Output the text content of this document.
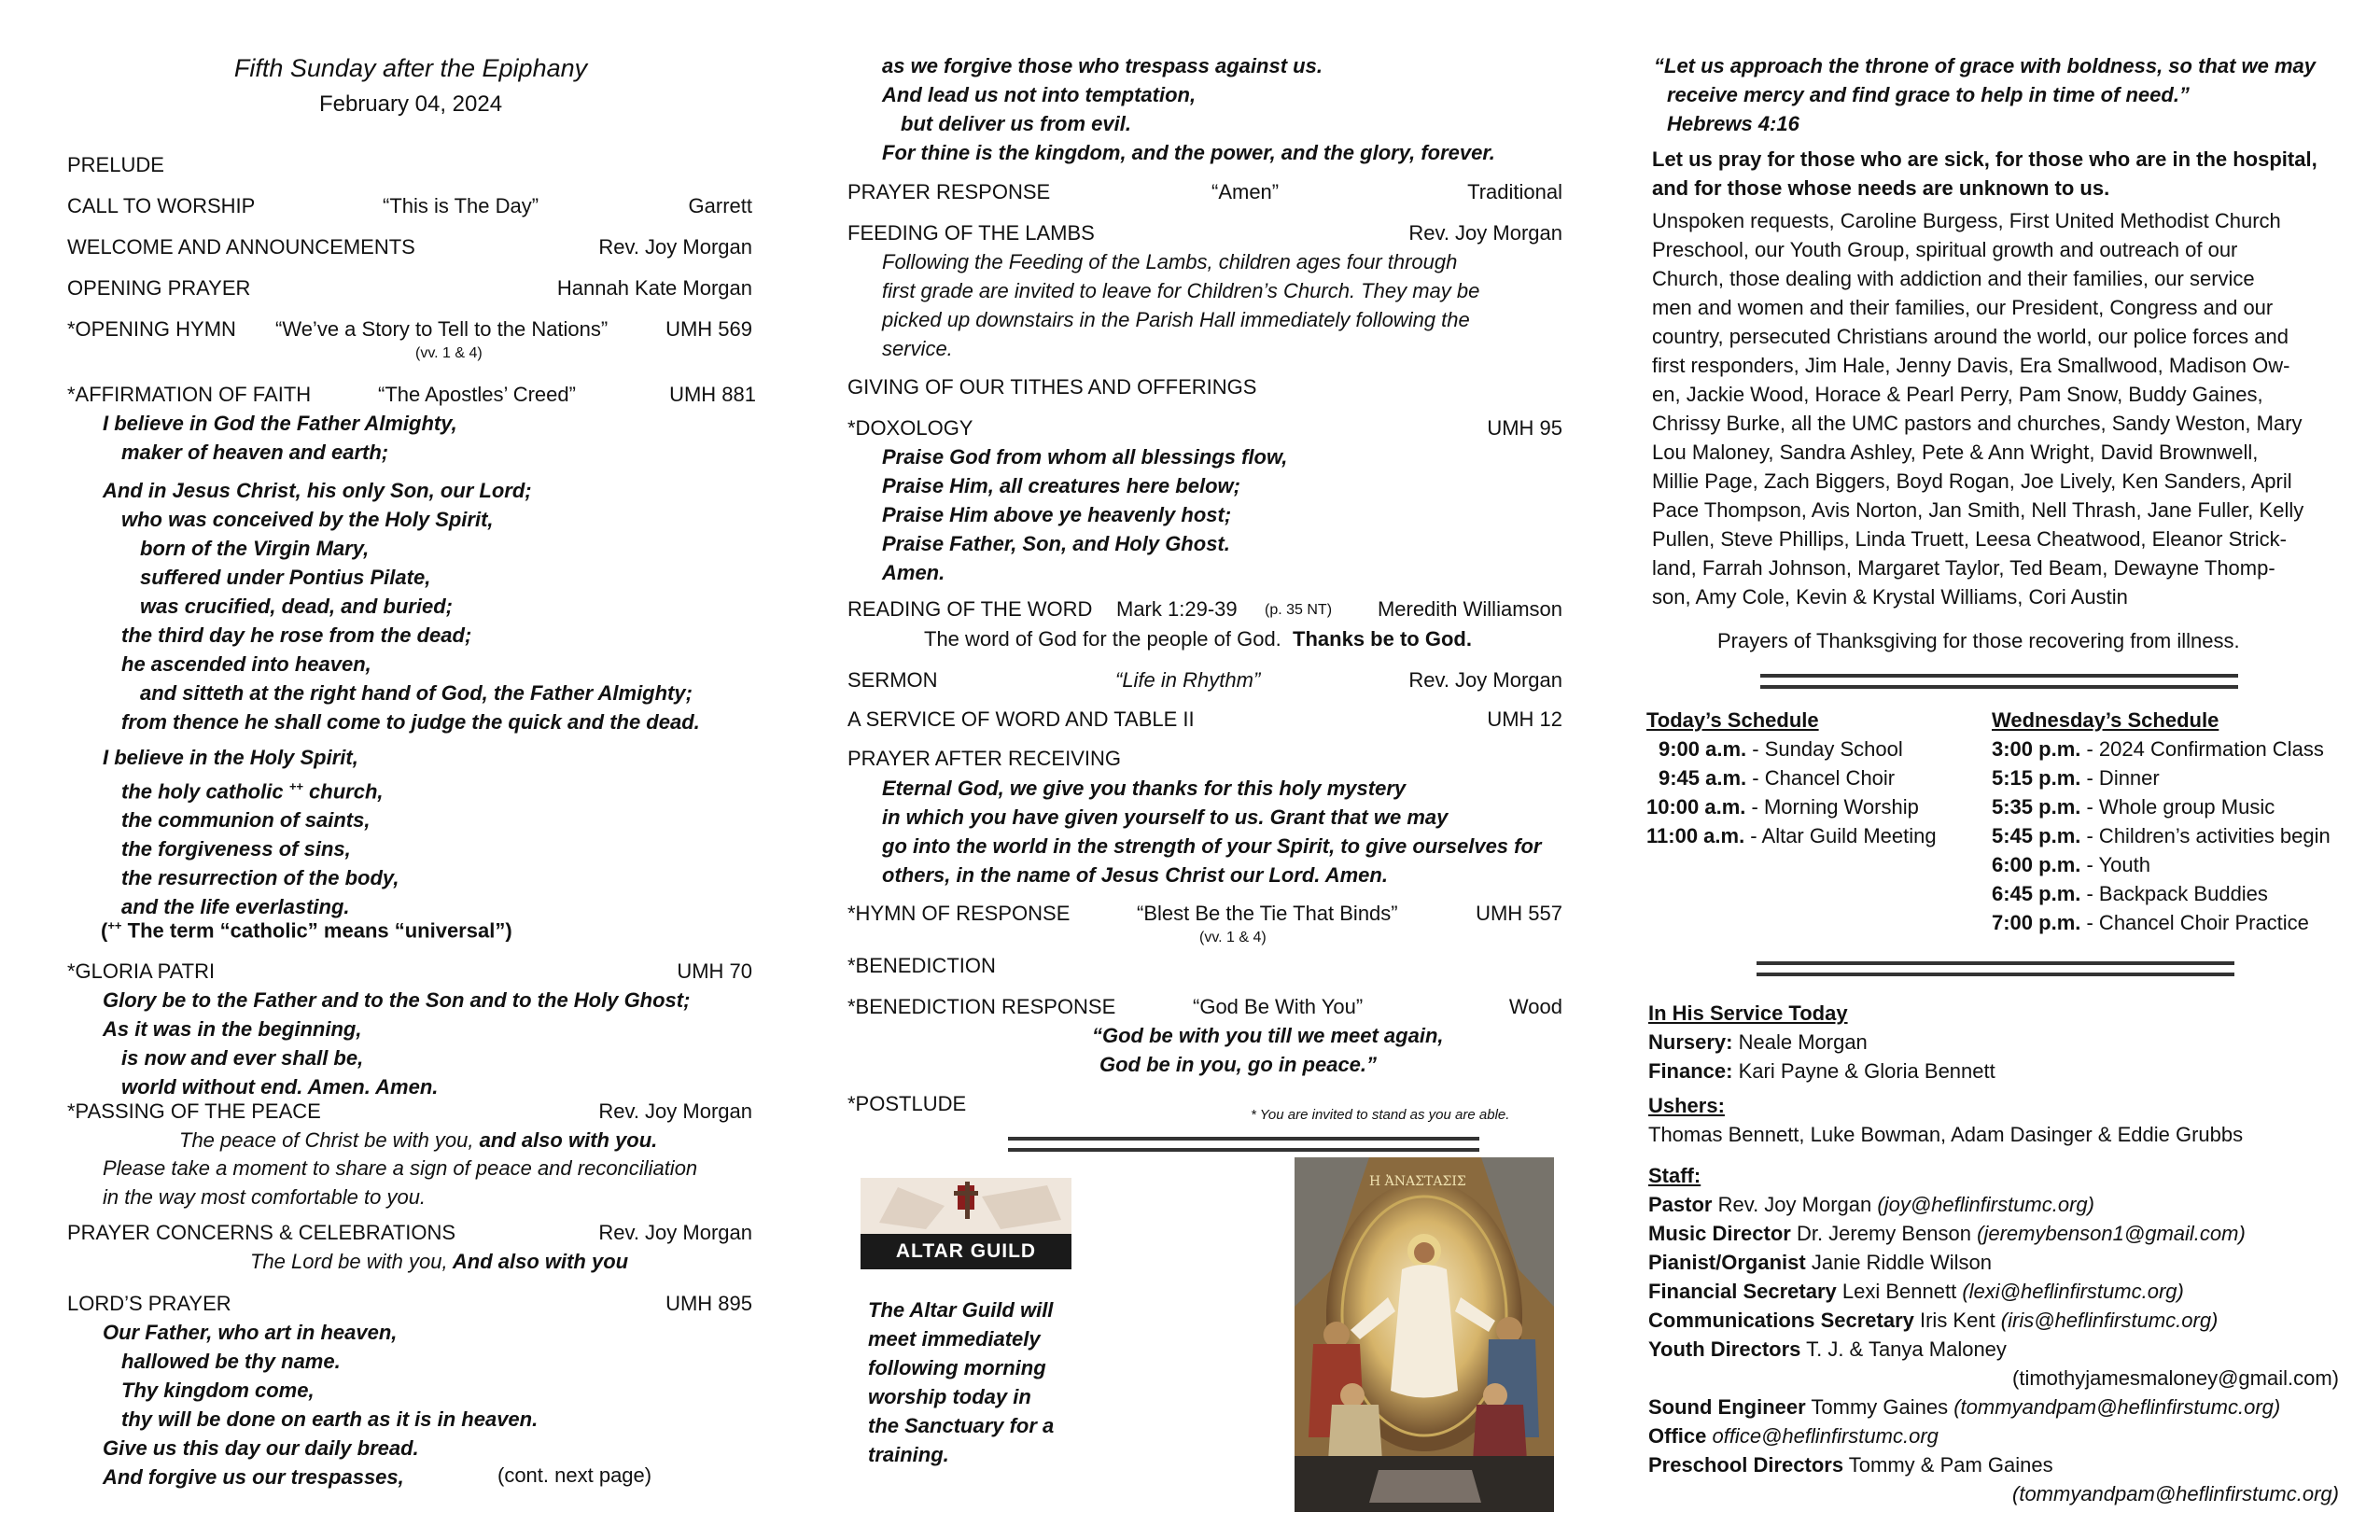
Fifth Sunday after the Epiphany
February 04, 2024
PRELUDE
CALL TO WORSHIP	“This is The Day”	Garrett
WELCOME AND ANNOUNCEMENTS	Rev. Joy Morgan
OPENING PRAYER	Hannah Kate Morgan
*OPENING HYMN “We’ve a Story to Tell to the Nations”	UMH 569
(vv. 1 & 4)
*AFFIRMATION OF FAITH	“The Apostles’ Creed”	UMH 881
I believe in God the Father Almighty,
maker of heaven and earth;
And in Jesus Christ, his only Son, our Lord;
who was conceived by the Holy Spirit,
born of the Virgin Mary,
suffered under Pontius Pilate,
was crucified, dead, and buried;
the third day he rose from the dead;
he ascended into heaven,
and sitteth at the right hand of God, the Father Almighty;
from thence he shall come to judge the quick and the dead.
I believe in the Holy Spirit,
the holy catholic ++ church,
the communion of saints,
the forgiveness of sins,
the resurrection of the body,
and the life everlasting.
(++ The term “catholic” means “universal”)
*GLORIA PATRI	UMH 70
Glory be to the Father and to the Son and to the Holy Ghost;
As it was in the beginning,
is now and ever shall be,
world without end. Amen. Amen.
*PASSING OF THE PEACE	Rev. Joy Morgan
The peace of Christ be with you, and also with you.
Please take a moment to share a sign of peace and reconciliation
in the way most comfortable to you.
PRAYER CONCERNS & CELEBRATIONS	Rev. Joy Morgan
The Lord be with you, And also with you
LORD’S PRAYER	UMH 895
Our Father, who art in heaven,
hallowed be thy name.
Thy kingdom come,
thy will be done on earth as it is in heaven.
Give us this day our daily bread.
And forgive us our trespasses,	(cont. next page)
as we forgive those who trespass against us.
And lead us not into temptation,
but deliver us from evil.
For thine is the kingdom, and the power, and the glory, forever.
PRAYER RESPONSE	“Amen”	Traditional
FEEDING OF THE LAMBS	Rev. Joy Morgan
Following the Feeding of the Lambs, children ages four through
first grade are invited to leave for Children’s Church. They may be
picked up downstairs in the Parish Hall immediately following the
service.
GIVING OF OUR TITHES AND OFFERINGS
*DOXOLOGY	UMH 95
Praise God from whom all blessings flow,
Praise Him, all creatures here below;
Praise Him above ye heavenly host;
Praise Father, Son, and Holy Ghost.
Amen.
READING OF THE WORD Mark 1:29-39 (p. 35 NT) Meredith Williamson
The word of God for the people of God. Thanks be to God.
SERMON	“Life in Rhythm”	Rev. Joy Morgan
A SERVICE OF WORD AND TABLE II	UMH 12
PRAYER AFTER RECEIVING
Eternal God, we give you thanks for this holy mystery
in which you have given yourself to us. Grant that we may
go into the world in the strength of your Spirit, to give ourselves for
others, in the name of Jesus Christ our Lord. Amen.
*HYMN OF RESPONSE	“Blest Be the Tie That Binds”	UMH 557
(vv. 1 & 4)
*BENEDICTION
*BENEDICTION RESPONSE	“God Be With You”	Wood
“God be with you till we meet again,
God be in you, go in peace.”
*POSTLUDE	* You are invited to stand as you are able.
ALTAR GUILD
The Altar Guild will
meet immediately
following morning
worship today in
the Sanctuary for a
training.
Η ἈΝΑΣΤΑΣΙΣ
“Let us approach the throne of grace with boldness, so that we may
receive mercy and find grace to help in time of need.”
Hebrews 4:16
Let us pray for those who are sick, for those who are in the hospital,
and for those whose needs are unknown to us.
Unspoken requests, Caroline Burgess, First United Methodist Church
Preschool, our Youth Group, spiritual growth and outreach of our
Church, those dealing with addiction and their families, our service
men and women and their families, our President, Congress and our
country, persecuted Christians around the world, our police forces and
first responders, Jim Hale, Jenny Davis, Era Smallwood, Madison Ow-
en, Jackie Wood, Horace & Pearl Perry, Pam Snow, Buddy Gaines,
Chrissy Burke, all the UMC pastors and churches, Sandy Weston, Mary
Lou Maloney, Sandra Ashley, Pete & Ann Wright, David Brownwell,
Millie Page, Zach Biggers, Boyd Rogan, Joe Lively, Ken Sanders, April
Pace Thompson, Avis Norton, Jan Smith, Nell Thrash, Jane Fuller, Kelly
Pullen, Steve Phillips, Linda Truett, Leesa Cheatwood, Eleanor Strick-
land, Farrah Johnson, Margaret Taylor, Ted Beam, Dewayne Thomp-
son, Amy Cole, Kevin & Krystal Williams, Cori Austin
Prayers of Thanksgiving for those recovering from illness.
Today’s Schedule
9:00 a.m. - Sunday School
9:45 a.m. - Chancel Choir
10:00 a.m. - Morning Worship
11:00 a.m. - Altar Guild Meeting
Wednesday’s Schedule
3:00 p.m. - 2024 Confirmation Class
5:15 p.m. - Dinner
5:35 p.m. - Whole group Music
5:45 p.m. - Children’s activities begin
6:00 p.m. - Youth
6:45 p.m. - Backpack Buddies
7:00 p.m. - Chancel Choir Practice
In His Service Today
Nursery: Neale Morgan
Finance: Kari Payne & Gloria Bennett
Ushers:
Thomas Bennett, Luke Bowman, Adam Dasinger & Eddie Grubbs
Staff:
Pastor Rev. Joy Morgan (joy@heflinfirstumc.org)
Music Director Dr. Jeremy Benson (jeremybenson1@gmail.com)
Pianist/Organist Janie Riddle Wilson
Financial Secretary Lexi Bennett (lexi@heflinfirstumc.org)
Communications Secretary Iris Kent (iris@heflinfirstumc.org)
Youth Directors T. J. & Tanya Maloney
(timothyjamesmaloney@gmail.com)
Sound Engineer Tommy Gaines (tommyandpam@heflinfirstumc.org)
Office office@heflinfirstumc.org
Preschool Directors Tommy & Pam Gaines
(tommyandpam@heflinfirstumc.org)
